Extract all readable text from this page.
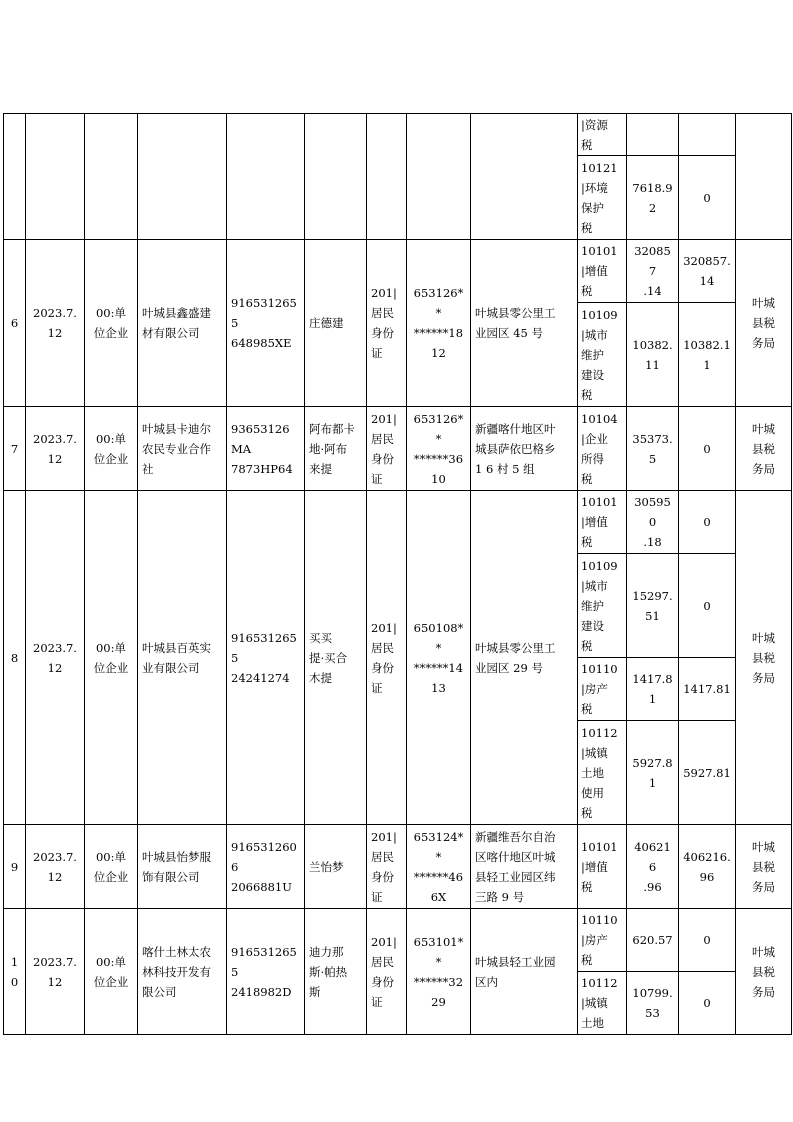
									|资源
税			
									10121
|环境
保护
税	7618.9
2	0	
6	2023.7.
12	00:单
位企业	叶城县鑫盛建
材有限公司	9165312655
648985XE	庄德建	201|
居民
身份
证	653126**
******18
12	叶城县零公里工
业园区 45 号	10101
|增值
税	320857
.14	320857.
14	叶城
县税
务局
									10109
|城市
维护
建设
税	10382.
11	10382.1
1	
7	2023.7.
12	00:单
位企业	叶城县卡迪尔
农民专业合作
社	93653126MA
7873HP64	阿布都卡
地·阿布
来提	201|
居民
身份
证	653126**
******36
10	新疆喀什地区叶
城县萨依巴格乡
1 6 村 5 组	10104
|企业
所得
税	35373.
5	0	叶城
县税
务局
8	2023.7.
12	00:单
位企业	叶城县百英实
业有限公司	9165312655
24241274	买买
提·买合
木提	201|
居民
身份
证	650108**
******14
13	叶城县零公里工
业园区 29 号	10101
|增值
税	305950
.18	0	叶城
县税
务局
									10109
|城市
维护
建设
税	15297.
51	0	
									10110
|房产
税	1417.8
1	1417.81	
									10112
|城镇
土地
使用
税	5927.8
1	5927.81	
9	2023.7.
12	00:单
位企业	叶城县怡梦服
饰有限公司	9165312606
2066881U	兰怡梦	201|
居民
身份
证	653124**
******46
6X	新疆维吾尔自治
区喀什地区叶城
县轻工业园区纬
三路 9 号	10101
|增值
税	406216
.96	406216.
96	叶城
县税
务局
10	2023.7.
12	00:单
位企业	喀什土林太农
林科技开发有
限公司	9165312655
2418982D	迪力那
斯·帕热
斯	201|
居民
身份
证	653101**
******32
29	叶城县轻工业园
区内	10110
|房产
税	620.57	0	叶城
县税
务局
									10112
|城镇
土地	10799.
53	0	
